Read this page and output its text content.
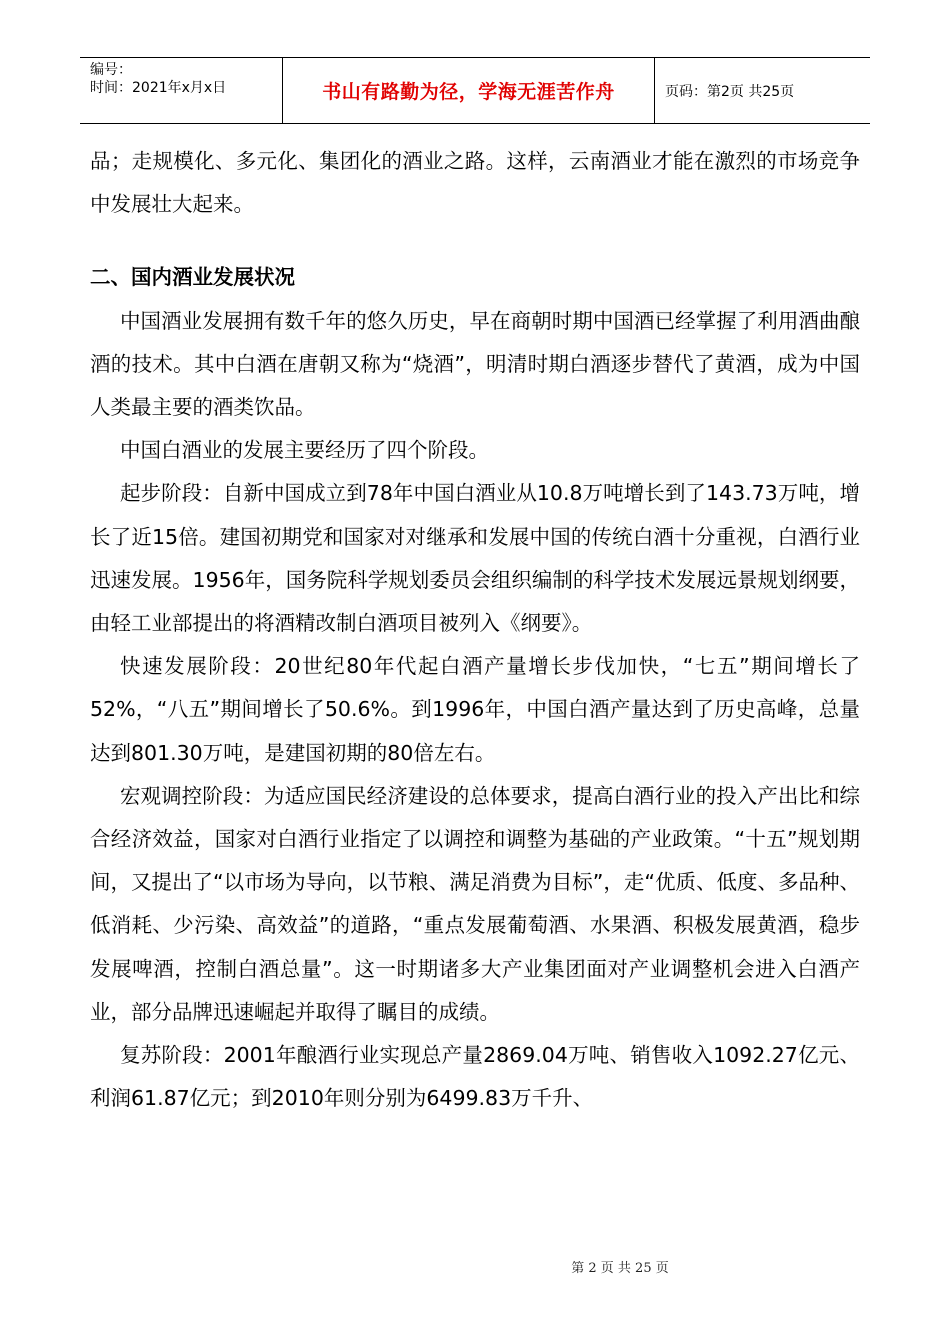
编号：
时间：2021年x月x日	书山有路勤为径，学海无涯苦作舟	页码：第2页 共25页

品；走规模化、多元化、集团化的酒业之路。这样，云南酒业才能在激烈的市场竞争中发展壮大起来。

二、国内酒业发展状况

中国酒业发展拥有数千年的悠久历史，早在商朝时期中国酒已经掌握了利用酒曲酿酒的技术。其中白酒在唐朝又称为“烧酒”，明清时期白酒逐步替代了黄酒，成为中国人类最主要的酒类饮品。

中国白酒业的发展主要经历了四个阶段。

起步阶段：自新中国成立到78年中国白酒业从10.8万吨增长到了143.73万吨，增长了近15倍。建国初期党和国家对对继承和发展中国的传统白酒十分重视，白酒行业迅速发展。1956年，国务院科学规划委员会组织编制的科学技术发展远景规划纲要，由轻工业部提出的将酒精改制白酒项目被列入《纲要》。

快速发展阶段：20世纪80年代起白酒产量增长步伐加快，“七五”期间增长了52%，“八五”期间增长了50.6%。到1996年，中国白酒产量达到了历史高峰，总量达到801.30万吨，是建国初期的80倍左右。

宏观调控阶段：为适应国民经济建设的总体要求，提高白酒行业的投入产出比和综合经济效益，国家对白酒行业指定了以调控和调整为基础的产业政策。“十五”规划期间，又提出了“以市场为导向，以节粮、满足消费为目标”，走“优质、低度、多品种、低消耗、少污染、高效益”的道路，“重点发展葡萄酒、水果酒、积极发展黄酒，稳步发展啤酒，控制白酒总量”。这一时期诸多大产业集团面对产业调整机会进入白酒产业，部分品牌迅速崛起并取得了瞩目的成绩。

复苏阶段：2001年酿酒行业实现总产量2869.04万吨、销售收入1092.27亿元、利润61.87亿元；到2010年则分别为6499.83万千升、

第 2 页 共 25 页
